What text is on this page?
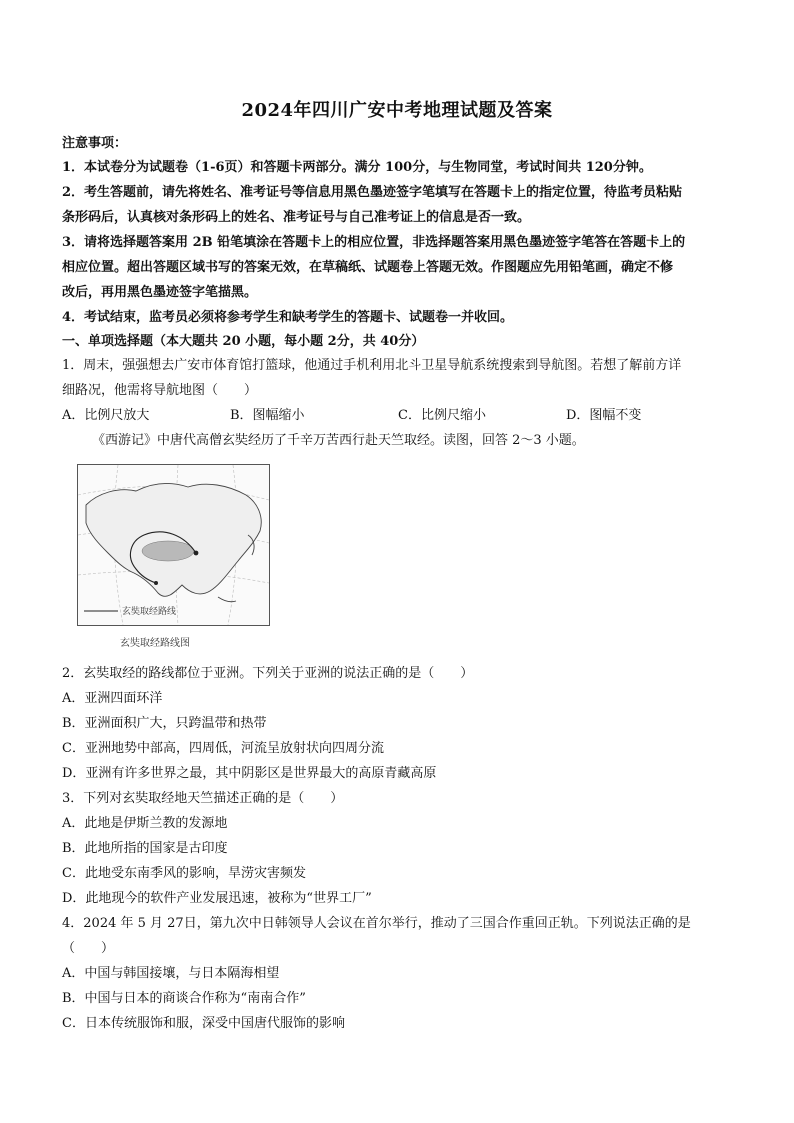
2024年四川广安中考地理试题及答案
注意事项：
1．本试卷分为试题卷（1-6页）和答题卡两部分。满分 100分，与生物同堂，考试时间共 120分钟。
2．考生答题前，请先将姓名、准考证号等信息用黑色墨迹签字笔填写在答题卡上的指定位置，待监考员粘贴
条形码后，认真核对条形码上的姓名、准考证号与自己准考证上的信息是否一致。
3．请将选择题答案用 2B 铅笔填涂在答题卡上的相应位置，非选择题答案用黑色墨迹签字笔答在答题卡上的
相应位置。超出答题区域书写的答案无效，在草稿纸、试题卷上答题无效。作图题应先用铅笔画，确定不修
改后，再用黑色墨迹签字笔描黑。
4．考试结束，监考员必须将参考学生和缺考学生的答题卡、试题卷一并收回。
一、单项选择题（本大题共 20 小题，每小题 2分，共 40分）
1．周末，强强想去广安市体育馆打篮球，他通过手机利用北斗卫星导航系统搜索到导航图。若想了解前方详
细路况，他需将导航地图（　　）
A．比例尺放大	B．图幅缩小	C．比例尺缩小	D．图幅不变
《西游记》中唐代高僧玄奘经历了千辛万苦西行赴天竺取经。读图，回答 2～3 小题。
玄奘取经路线
玄奘取经路线图
2．玄奘取经的路线都位于亚洲。下列关于亚洲的说法正确的是（　　）
A．亚洲四面环洋
B．亚洲面积广大，只跨温带和热带
C．亚洲地势中部高，四周低，河流呈放射状向四周分流
D．亚洲有许多世界之最，其中阴影区是世界最大的高原青藏高原
3．下列对玄奘取经地天竺描述正确的是（　　）
A．此地是伊斯兰教的发源地
B．此地所指的国家是古印度
C．此地受东南季风的影响，旱涝灾害频发
D．此地现今的软件产业发展迅速，被称为“世界工厂”
4．2024 年 5 月 27日，第九次中日韩领导人会议在首尔举行，推动了三国合作重回正轨。下列说法正确的是
（　　）
A．中国与韩国接壤，与日本隔海相望
B．中国与日本的商谈合作称为“南南合作”
C．日本传统服饰和服，深受中国唐代服饰的影响
